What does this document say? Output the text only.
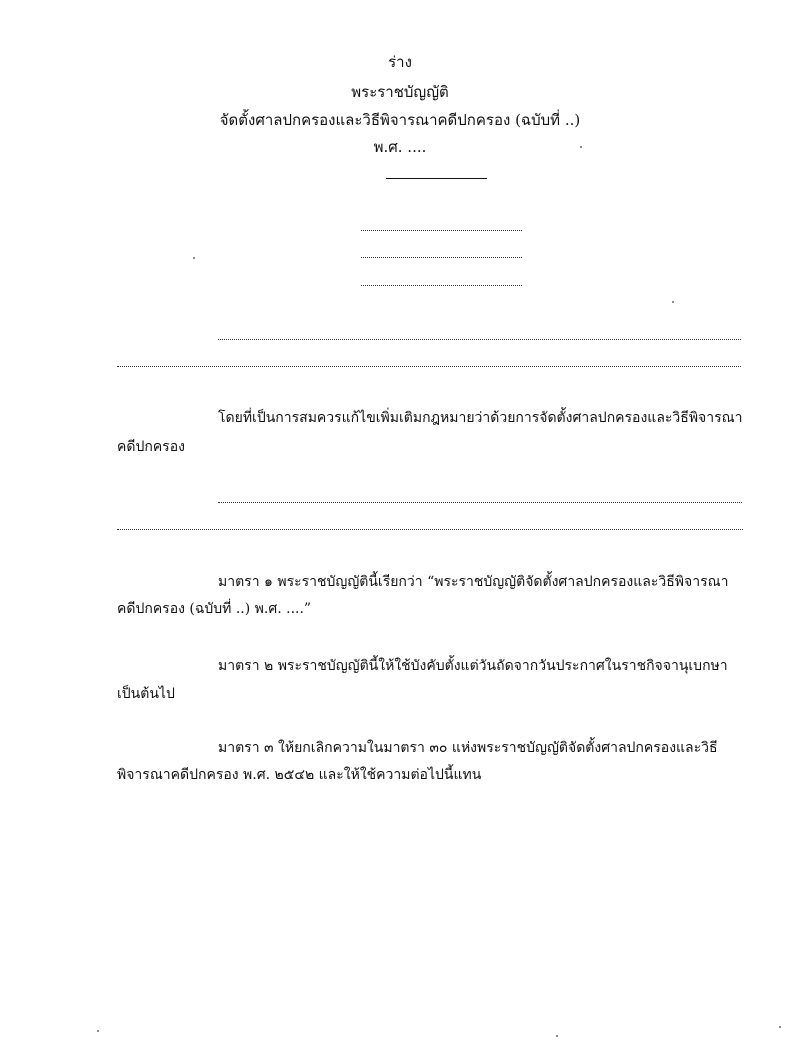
ร่าง
พระราชบัญญัติ
จัดตั้งศาลปกครองและวิธีพิจารณาคดีปกครอง (ฉบับที่ ..)
พ.ศ. ....
โดยที่เป็นการสมควรแก้ไขเพิ่มเติมกฎหมายว่าด้วยการจัดตั้งศาลปกครองและวิธีพิจารณา
คดีปกครอง
มาตรา ๑ พระราชบัญญัตินี้เรียกว่า “พระราชบัญญัติจัดตั้งศาลปกครองและวิธีพิจารณา
คดีปกครอง (ฉบับที่ ..) พ.ศ. ....”
มาตรา ๒ พระราชบัญญัตินี้ให้ใช้บังคับตั้งแต่วันถัดจากวันประกาศในราชกิจจานุเบกษา
เป็นต้นไป
มาตรา ๓ ให้ยกเลิกความในมาตรา ๓๐ แห่งพระราชบัญญัติจัดตั้งศาลปกครองและวิธี
พิจารณาคดีปกครอง พ.ศ. ๒๕๔๒ และให้ใช้ความต่อไปนี้แทน
